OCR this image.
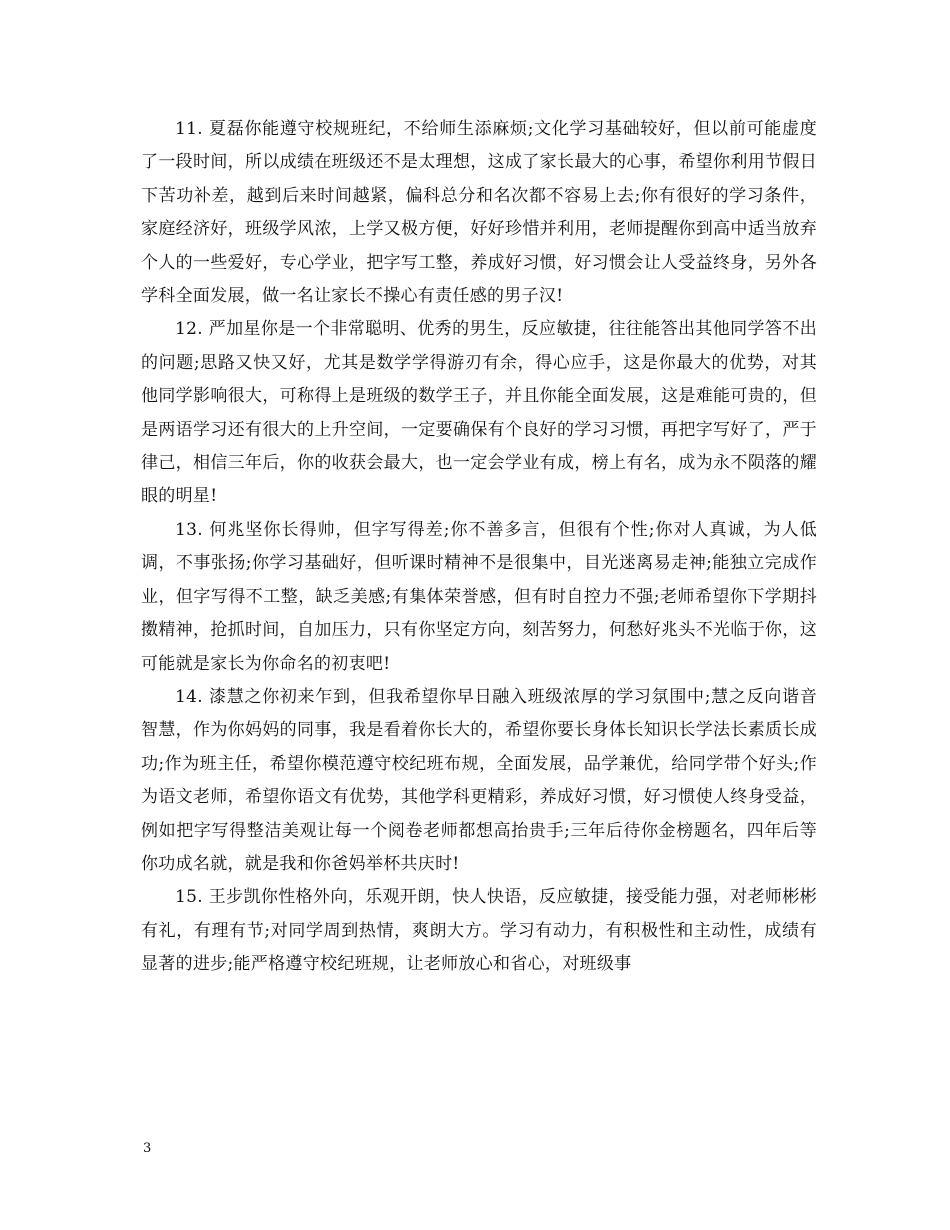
11. 夏磊你能遵守校规班纪，不给师生添麻烦;文化学习基础较好，但以前可能虚度了一段时间，所以成绩在班级还不是太理想，这成了家长最大的心事，希望你利用节假日下苦功补差，越到后来时间越紧，偏科总分和名次都不容易上去;你有很好的学习条件，家庭经济好，班级学风浓，上学又极方便，好好珍惜并利用，老师提醒你到高中适当放弃个人的一些爱好，专心学业，把字写工整，养成好习惯，好习惯会让人受益终身，另外各学科全面发展，做一名让家长不操心有责任感的男子汉!

12. 严加星你是一个非常聪明、优秀的男生，反应敏捷，往往能答出其他同学答不出的问题;思路又快又好，尤其是数学学得游刃有余，得心应手，这是你最大的优势，对其他同学影响很大，可称得上是班级的数学王子，并且你能全面发展，这是难能可贵的，但是两语学习还有很大的上升空间，一定要确保有个良好的学习习惯，再把字写好了，严于律己，相信三年后，你的收获会最大，也一定会学业有成，榜上有名，成为永不陨落的耀眼的明星!

13. 何兆坚你长得帅，但字写得差;你不善多言，但很有个性;你对人真诚，为人低调，不事张扬;你学习基础好，但听课时精神不是很集中，目光迷离易走神;能独立完成作业，但字写得不工整，缺乏美感;有集体荣誉感，但有时自控力不强;老师希望你下学期抖擞精神，抢抓时间，自加压力，只有你坚定方向，刻苦努力，何愁好兆头不光临于你，这可能就是家长为你命名的初衷吧!

14. 漆慧之你初来乍到，但我希望你早日融入班级浓厚的学习氛围中;慧之反向谐音智慧，作为你妈妈的同事，我是看着你长大的，希望你要长身体长知识长学法长素质长成功;作为班主任，希望你模范遵守校纪班布规，全面发展，品学兼优，给同学带个好头;作为语文老师，希望你语文有优势，其他学科更精彩，养成好习惯，好习惯使人终身受益，例如把字写得整洁美观让每一个阅卷老师都想高抬贵手;三年后待你金榜题名，四年后等你功成名就，就是我和你爸妈举杯共庆时!

15. 王步凯你性格外向，乐观开朗，快人快语，反应敏捷，接受能力强，对老师彬彬有礼，有理有节;对同学周到热情，爽朗大方。学习有动力，有积极性和主动性，成绩有显著的进步;能严格遵守校纪班规，让老师放心和省心，对班级事

3
